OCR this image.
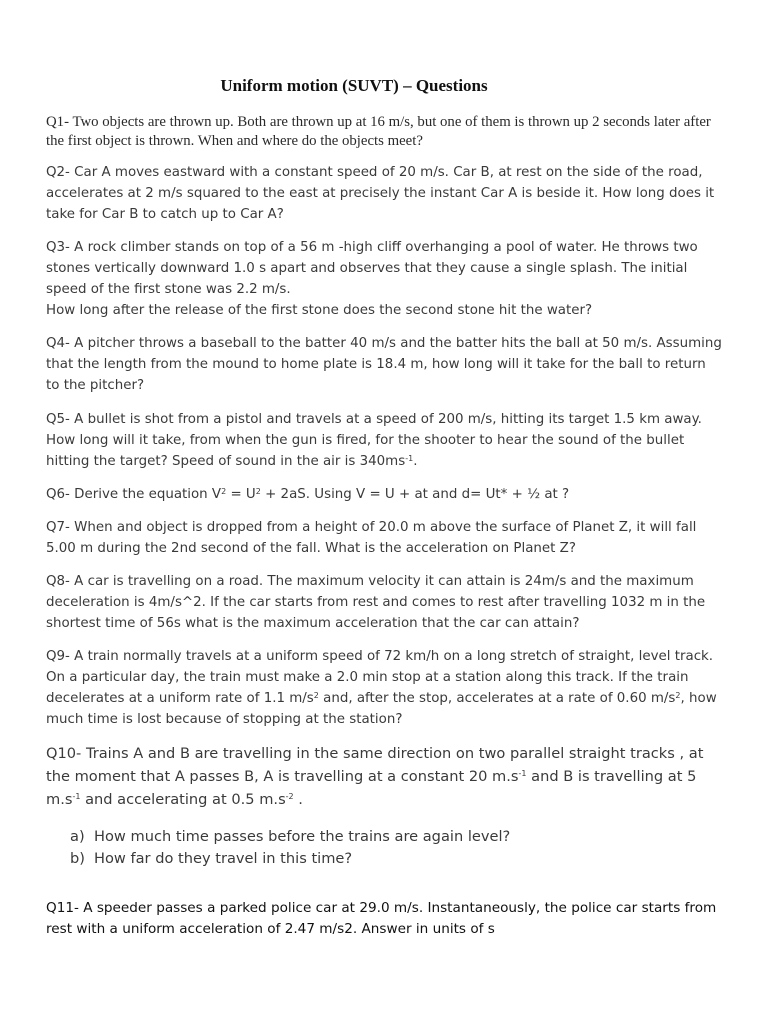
Uniform motion (SUVT) – Questions
Q1- Two objects are thrown up. Both are thrown up at 16 m/s, but one of them is thrown up 2 seconds later after the first object is thrown. When and where do the objects meet?
Q2- Car A moves eastward with a constant speed of 20 m/s. Car B, at rest on the side of the road, accelerates at 2 m/s squared to the east at precisely the instant Car A is beside it. How long does it take for Car B to catch up to Car A?
Q3- A rock climber stands on top of a 56 m -high cliff overhanging a pool of water. He throws two stones vertically downward 1.0 s apart and observes that they cause a single splash. The initial speed of the first stone was 2.2 m/s.
How long after the release of the first stone does the second stone hit the water?
Q4- A pitcher throws a baseball to the batter 40 m/s and the batter hits the ball at 50 m/s. Assuming that the length from the mound to home plate is 18.4 m, how long will it take for the ball to return to the pitcher?
Q5- A bullet is shot from a pistol and travels at a speed of 200 m/s, hitting its target 1.5 km away. How long will it take, from when the gun is fired, for the shooter to hear the sound of the bullet hitting the target? Speed of sound in the air is $340ms^{-1}$.
Q6- Derive the equation $V^2 = U^2 + 2aS$. Using V = U + at and d= Ut* + ½ at ?
Q7- When and object is dropped from a height of 20.0 m above the surface of Planet Z, it will fall 5.00 m during the 2nd second of the fall. What is the acceleration on Planet Z?
Q8- A car is travelling on a road. The maximum velocity it can attain is 24m/s and the maximum deceleration is 4m/s^2. If the car starts from rest and comes to rest after travelling 1032 m in the shortest time of 56s what is the maximum acceleration that the car can attain?
Q9- A train normally travels at a uniform speed of 72 km/h on a long stretch of straight, level track. On a particular day, the train must make a 2.0 min stop at a station along this track. If the train decelerates at a uniform rate of 1.1 $m/s^2$ and, after the stop, accelerates at a rate of 0.60 $m/s^2$, how much time is lost because of stopping at the station?
Q10- Trains A and B are travelling in the same direction on two parallel straight tracks , at the moment that A passes B, A is travelling at a constant 20 $m.s^{-1}$ and B is travelling at 5 $m.s^{-1}$ and accelerating at 0.5 $m.s^{-2}$ .
a) How much time passes before the trains are again level?
b) How far do they travel in this time?
Q11- A speeder passes a parked police car at 29.0 m/s. Instantaneously, the police car starts from rest with a uniform acceleration of 2.47 m/s2. Answer in units of s
